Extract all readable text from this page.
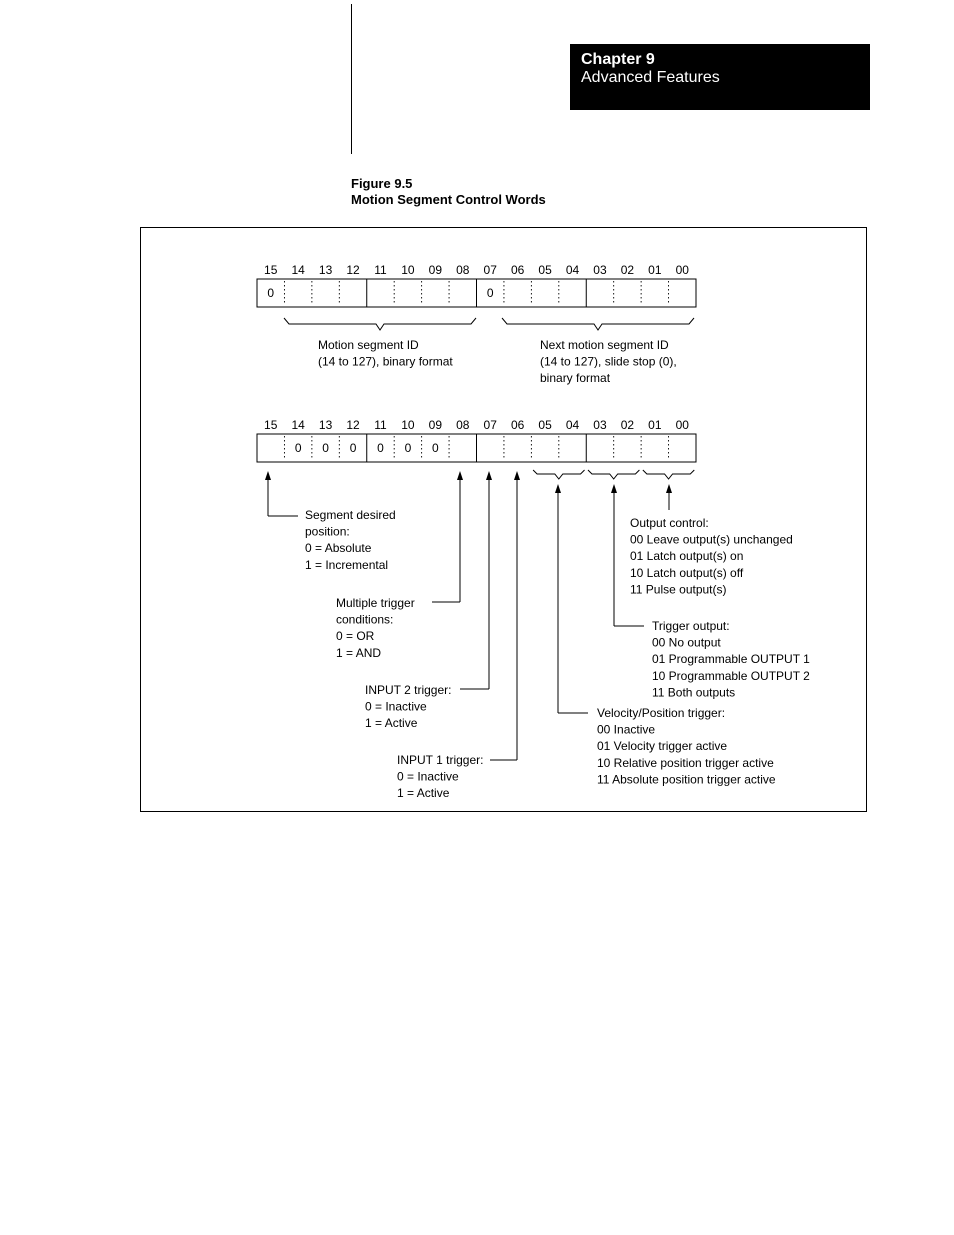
Chapter 9
Advanced Features
Figure 9.5
Motion Segment Control Words
15
0
14 13 12 11 10 09 08 07
0
06 05 04 03 02 01 00
Motion segment ID
(14 to 127), binary format
Next motion segment ID
(14 to 127), slide stop (0),
binary format
15 14
0
13
0
12
0
11
0
10
0
09
0
08 07 06 05 04 03 02 01 00
Segment desired
position:
0 = Absolute
1 = Incremental
Multiple trigger
conditions:
0 = OR
1 = AND
INPUT 2 trigger:
0 = Inactive
1 = Active
INPUT 1 trigger:
0 = Inactive
1 = Active
Velocity/Position trigger:
00 Inactive
01 Velocity trigger active
10 Relative position trigger active
11 Absolute position trigger active
Trigger output:
00 No output
01 Programmable OUTPUT 1
10 Programmable OUTPUT 2
11 Both outputs
Output control:
00 Leave output(s) unchanged
01 Latch output(s) on
10 Latch output(s) off
11 Pulse output(s)
